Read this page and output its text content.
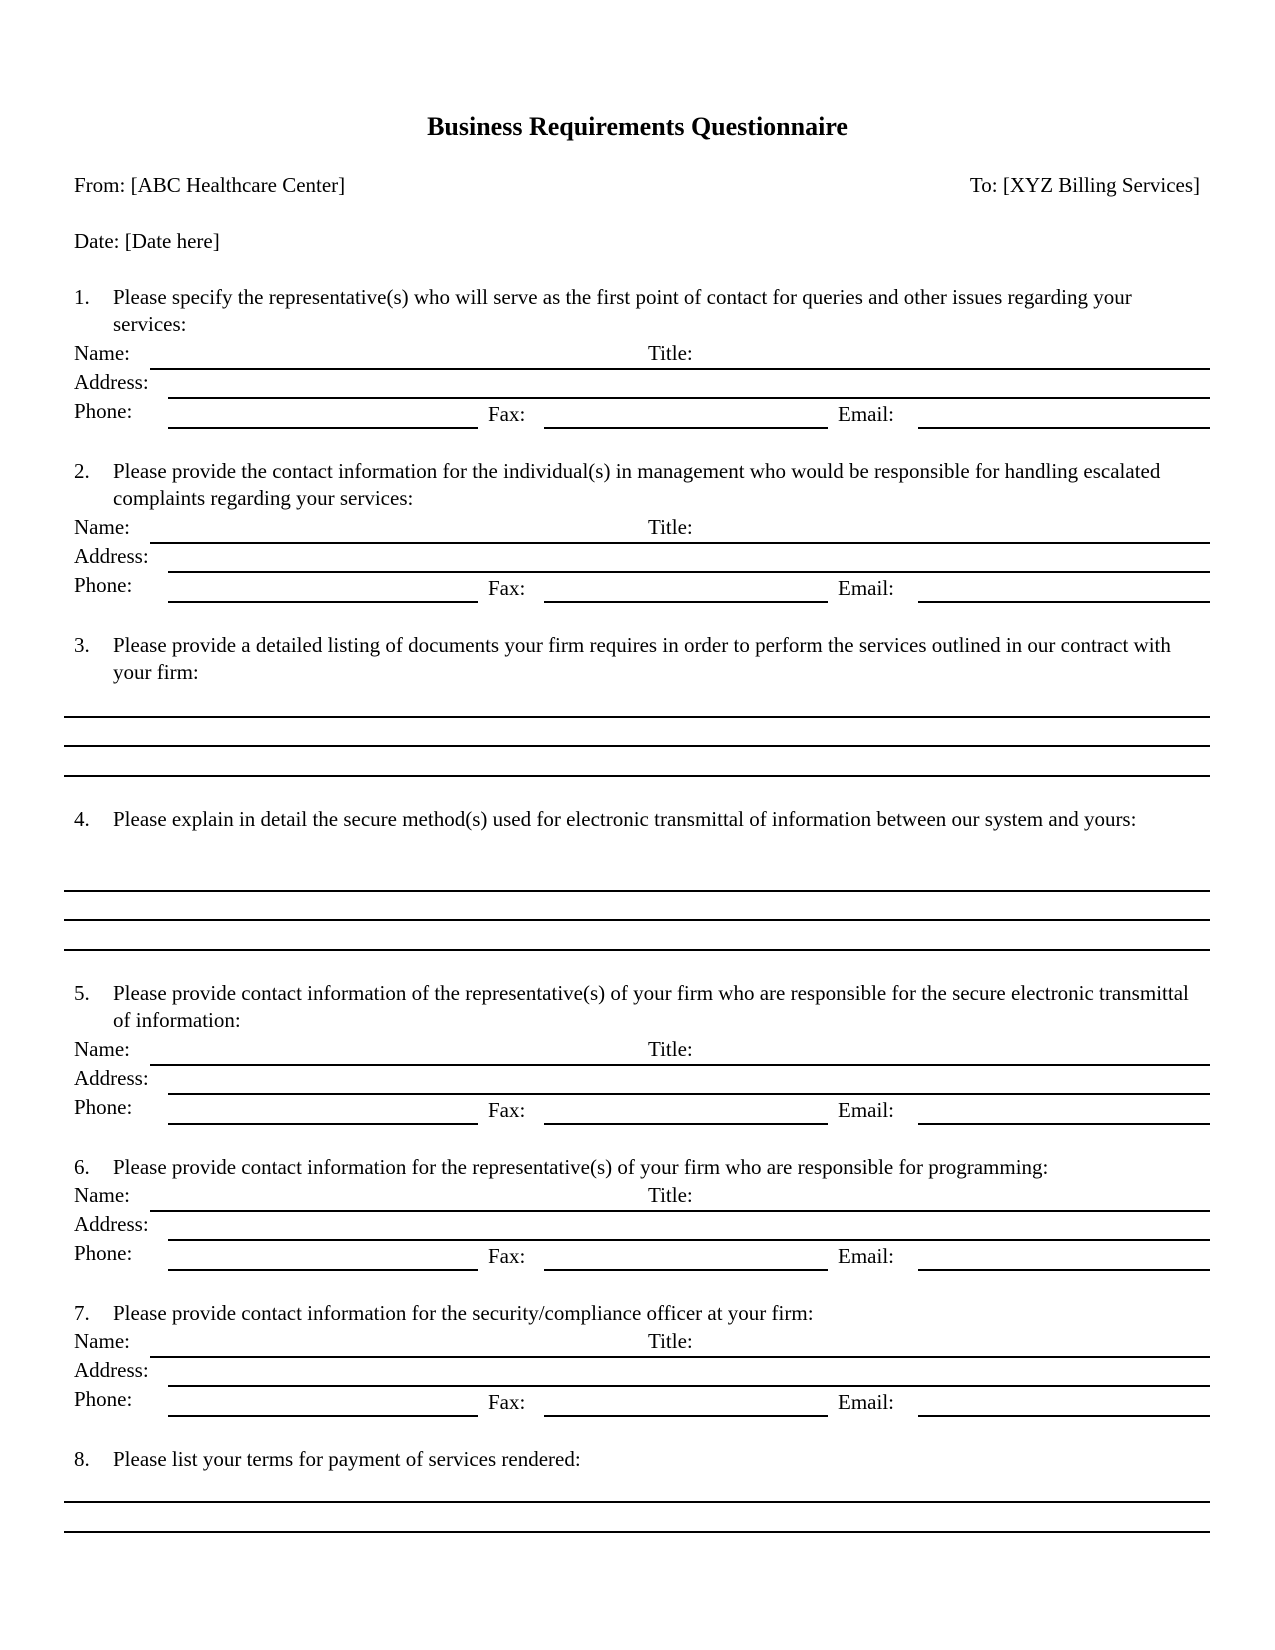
Business Requirements Questionnaire
From: [ABC Healthcare Center]	To: [XYZ Billing Services]
Date: [Date here]
1. Please specify the representative(s) who will serve as the first point of contact for queries and other issues regarding your services:
Name:	Title:
Address:
Phone:	Fax:	Email:
2. Please provide the contact information for the individual(s) in management who would be responsible for handling escalated complaints regarding your services:
Name:	Title:
Address:
Phone:	Fax:	Email:
3. Please provide a detailed listing of documents your firm requires in order to perform the services outlined in our contract with your firm:
4. Please explain in detail the secure method(s) used for electronic transmittal of information between our system and yours:
5. Please provide contact information of the representative(s) of your firm who are responsible for the secure electronic transmittal of information:
Name:	Title:
Address:
Phone:	Fax:	Email:
6. Please provide contact information for the representative(s) of your firm who are responsible for programming:
Name:	Title:
Address:
Phone:	Fax:	Email:
7. Please provide contact information for the security/compliance officer at your firm:
Name:	Title:
Address:
Phone:	Fax:	Email:
8. Please list your terms for payment of services rendered:
